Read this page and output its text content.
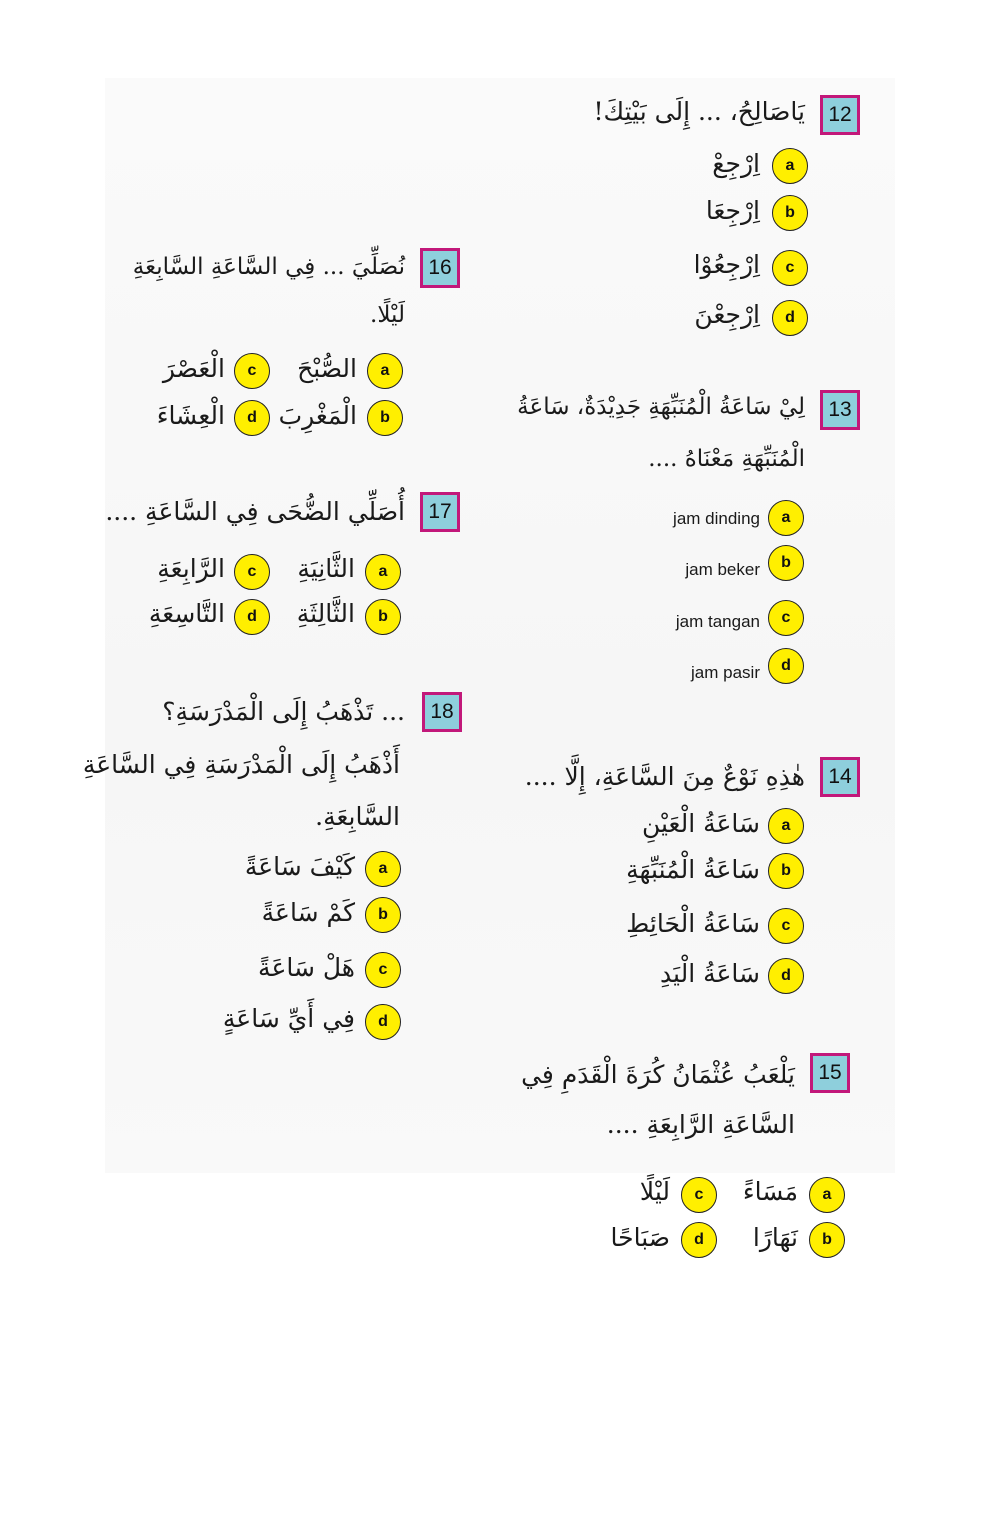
12
يَاصَالِحُ، ... إِلَى بَيْتِكَ!
a
اِرْجِعْ
b
اِرْجِعَا
c
اِرْجِعُوْا
d
اِرْجِعْنَ
13
لِيْ سَاعَةُ الْمُنَبِّهَةِ جَدِيْدَةٌ، سَاعَةُ
الْمُنَبِّهَةِ مَعْنَاهُ ....
a
jam dinding
b
jam beker
c
jam tangan
d
jam pasir
14
هٰذِهِ نَوْعٌ مِنَ السَّاعَةِ، إِلَّا ....
a
سَاعَةُ الْعَيْنِ
b
سَاعَةُ الْمُنَبِّهَةِ
c
سَاعَةُ الْحَائِطِ
d
سَاعَةُ الْيَدِ
15
يَلْعَبُ عُثْمَانُ كُرَةَ الْقَدَمِ فِي
السَّاعَةِ الرَّابِعَةِ ....
a
مَسَاءً
b
نَهَارًا
c
لَيْلًا
d
صَبَاحًا
16
نُصَلِّيَ ... فِي السَّاعَةِ السَّابِعَةِ
لَيْلًا.
a
الصُّبْحَ
b
الْمَغْرِبَ
c
الْعَصْرَ
d
الْعِشَاءَ
17
أُصَلِّي الضُّحَى فِي السَّاعَةِ ....
a
الثَّانِيَةِ
b
الثَّالِثَةِ
c
الرَّابِعَةِ
d
التَّاسِعَةِ
18
... تَذْهَبُ إِلَى الْمَدْرَسَةِ؟
أَذْهَبُ إِلَى الْمَدْرَسَةِ فِي السَّاعَةِ
السَّابِعَةِ.
a
كَيْفَ سَاعَةً
b
كَمْ سَاعَةً
c
هَلْ سَاعَةً
d
فِي أَيِّ سَاعَةٍ
